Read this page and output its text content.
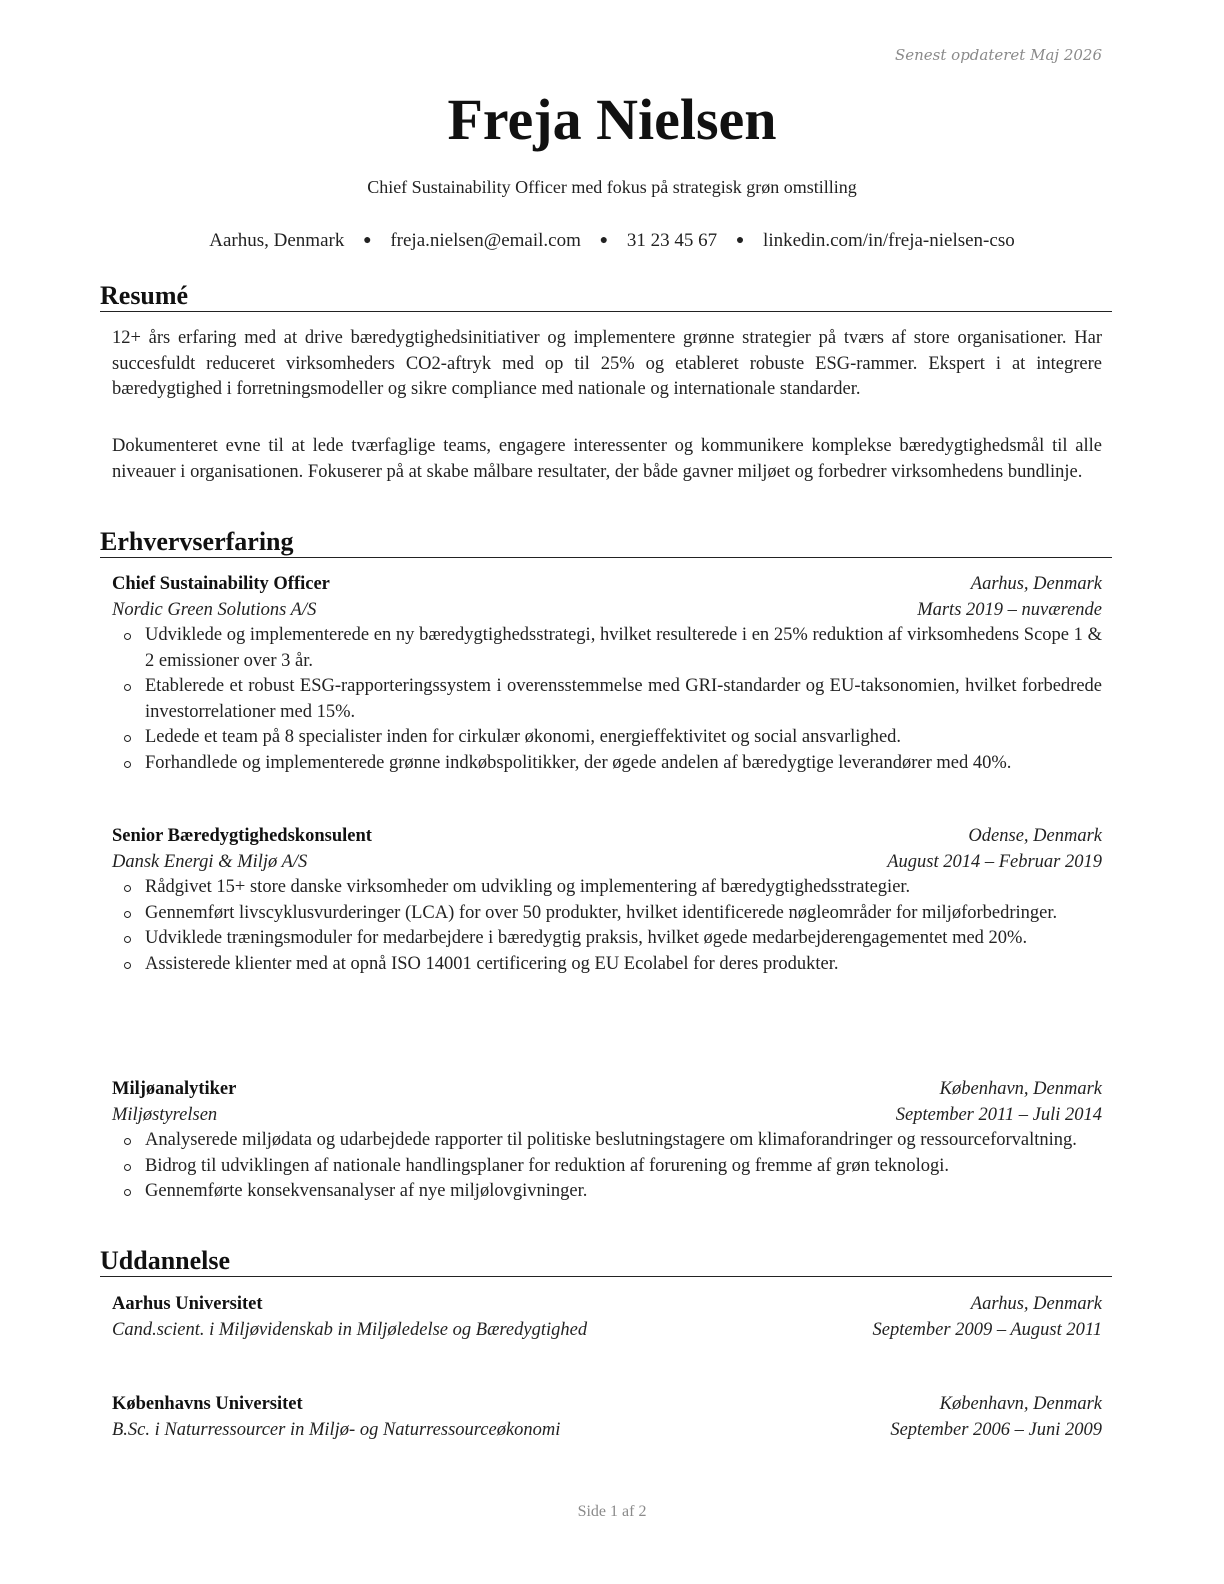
Senest opdateret Maj 2026
Freja Nielsen
Chief Sustainability Officer med fokus på strategisk grøn omstilling
Aarhus, Denmark ● freja.nielsen@email.com ● 31 23 45 67 ● linkedin.com/in/freja-nielsen-cso
Resumé

12+ års erfaring med at drive bæredygtighedsinitiativer og implementere grønne strategier på tværs af store organisationer. Har succesfuldt reduceret virksomheders CO2-aftryk med op til 25% og etableret robuste ESG-rammer. Ekspert i at integrere bæredygtighed i forretningsmodeller og sikre compliance med nationale og internationale standarder.

Dokumenteret evne til at lede tværfaglige teams, engagere interessenter og kommunikere komplekse bæredygtighedsmål til alle niveauer i organisationen. Fokuserer på at skabe målbare resultater, der både gavner miljøet og forbedrer virksomhedens bundlinje.

Erhvervserfaring
Chief Sustainability Officer	Aarhus, Denmark
Nordic Green Solutions A/S	Marts 2019 – nuværende
Udviklede og implementerede en ny bæredygtighedsstrategi, hvilket resulterede i en 25% reduktion af virksomhedens Scope 1 & 2 emissioner over 3 år.
Etablerede et robust ESG-rapporteringssystem i overensstemmelse med GRI-standarder og EU-taksonomien, hvilket forbedrede investorrelationer med 15%.
Ledede et team på 8 specialister inden for cirkulær økonomi, energieffektivitet og social ansvarlighed.
Forhandlede og implementerede grønne indkøbspolitikker, der øgede andelen af bæredygtige leverandører med 40%.
Senior Bæredygtighedskonsulent	Odense, Denmark
Dansk Energi & Miljø A/S	August 2014 – Februar 2019
Rådgivet 15+ store danske virksomheder om udvikling og implementering af bæredygtighedsstrategier.
Gennemført livscyklusvurderinger (LCA) for over 50 produkter, hvilket identificerede nøgleområder for miljøforbedringer.
Udviklede træningsmoduler for medarbejdere i bæredygtig praksis, hvilket øgede medarbejderengagementet med 20%.
Assisterede klienter med at opnå ISO 14001 certificering og EU Ecolabel for deres produkter.
Miljøanalytiker	København, Denmark
Miljøstyrelsen	September 2011 – Juli 2014
Analyserede miljødata og udarbejdede rapporter til politiske beslutningstagere om klimaforandringer og ressourceforvaltning.
Bidrog til udviklingen af nationale handlingsplaner for reduktion af forurening og fremme af grøn teknologi.
Gennemførte konsekvensanalyser af nye miljølovgivninger.
Uddannelse
Aarhus Universitet	Aarhus, Denmark
Cand.scient. i Miljøvidenskab in Miljøledelse og Bæredygtighed	September 2009 – August 2011
Københavns Universitet	København, Denmark
B.Sc. i Naturressourcer in Miljø- og Naturressourceøkonomi	September 2006 – Juni 2009
Side 1 af 2
